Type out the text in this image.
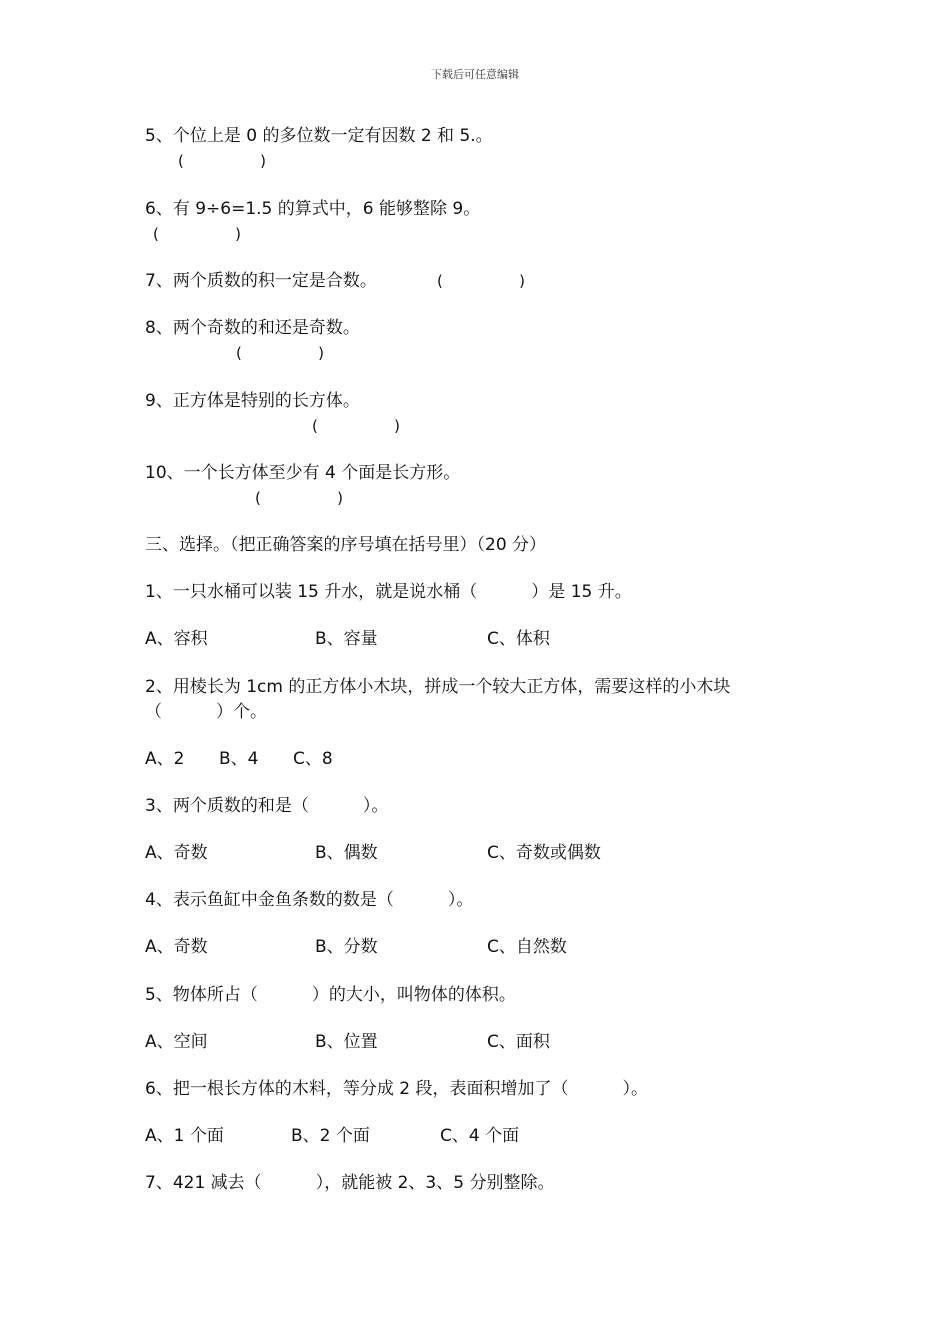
下载后可任意编辑
5、个位上是 0 的多位数一定有因数 2 和 5.。
(                )
6、有 9÷6=1.5 的算式中，6 能够整除 9。
(                )
7、两个质数的积一定是合数。	(                )
8、两个奇数的和还是奇数。
(                )
9、正方体是特别的长方体。
(                )
10、一个长方体至少有 4 个面是长方形。
(                )
三、选择。（把正确答案的序号填在括号里）（20 分）
1、一只水桶可以装 15 升水，就是说水桶（          ）是 15 升。
A、容积	B、容量	C、体积
2、用棱长为 1cm 的正方体小木块，拼成一个较大正方体，需要这样的小木块
（          ）个。
A、2 B、4 C、8
3、两个质数的和是（          ）。
A、奇数	B、偶数	C、奇数或偶数
4、表示鱼缸中金鱼条数的数是（          ）。
A、奇数	B、分数	C、自然数
5、物体所占（          ）的大小，叫物体的体积。
A、空间	B、位置	C、面积
6、把一根长方体的木料，等分成 2 段，表面积增加了（          ）。
A、1 个面	B、2 个面	C、4 个面
7、421 减去（          ），就能被 2、3、5 分别整除。
